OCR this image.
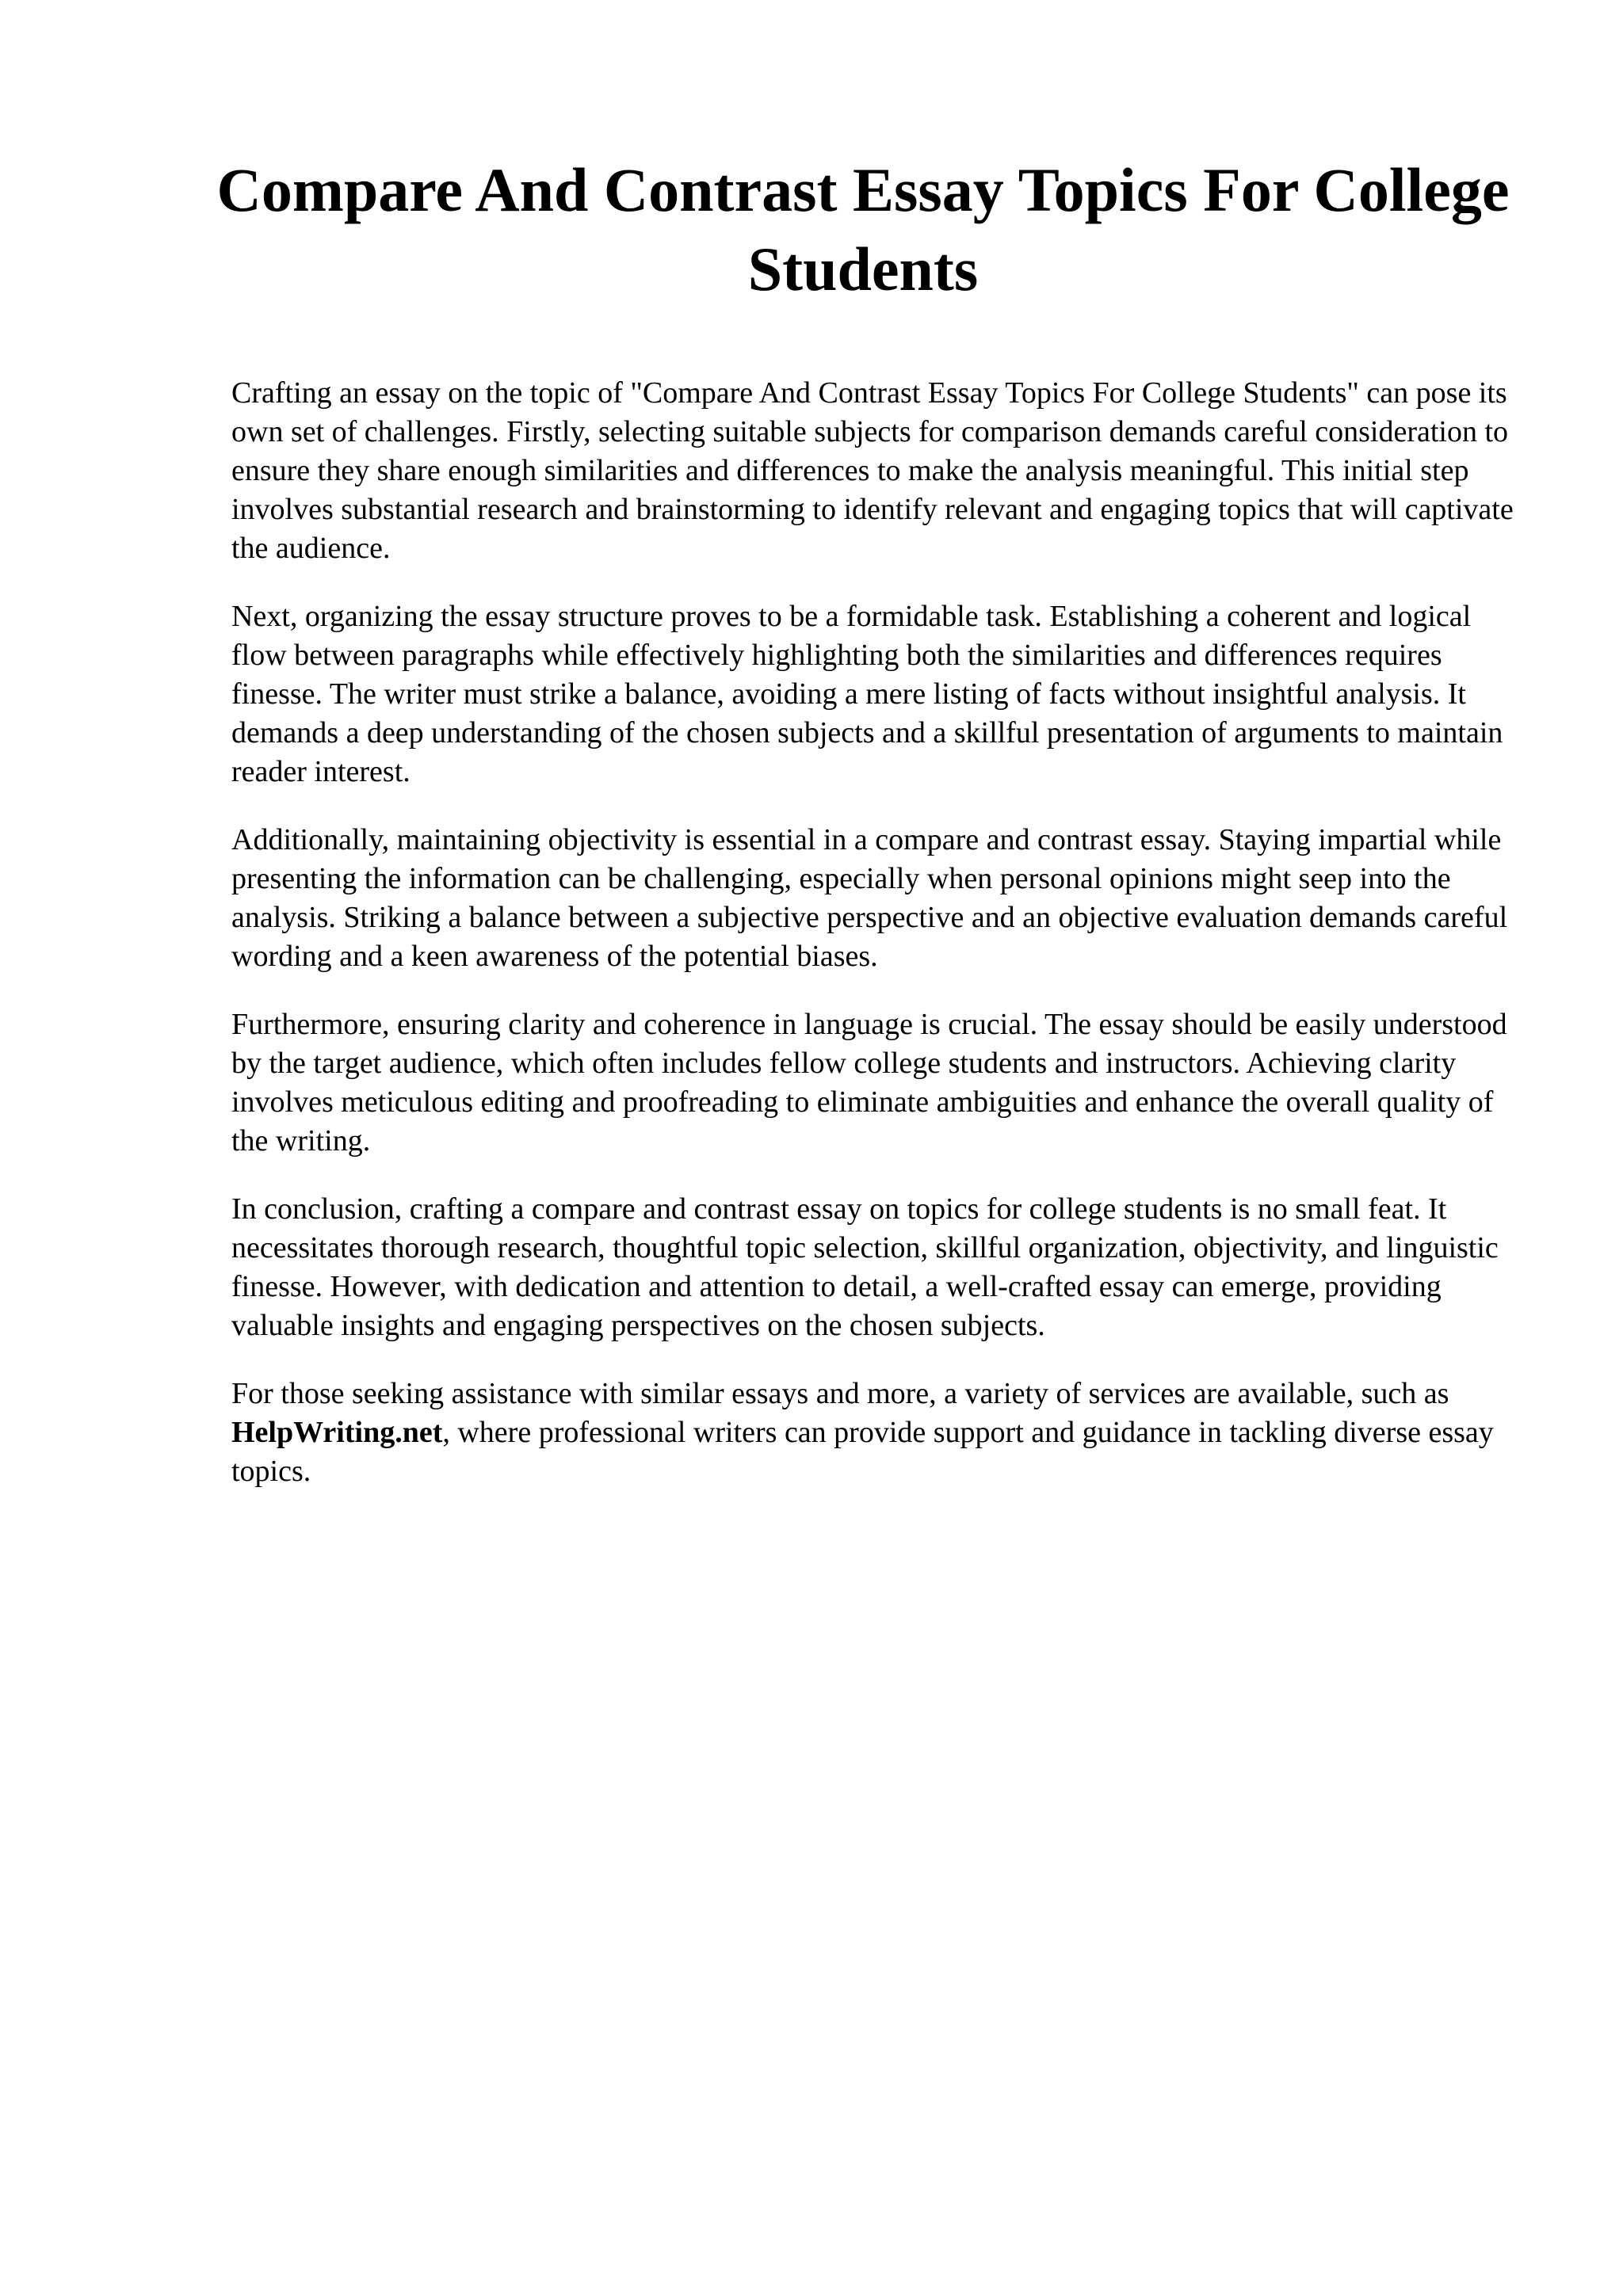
Compare And Contrast Essay Topics For College Students

Crafting an essay on the topic of "Compare And Contrast Essay Topics For College Students" can pose its own set of challenges. Firstly, selecting suitable subjects for comparison demands careful consideration to ensure they share enough similarities and differences to make the analysis meaningful. This initial step involves substantial research and brainstorming to identify relevant and engaging topics that will captivate the audience.

Next, organizing the essay structure proves to be a formidable task. Establishing a coherent and logical flow between paragraphs while effectively highlighting both the similarities and differences requires finesse. The writer must strike a balance, avoiding a mere listing of facts without insightful analysis. It demands a deep understanding of the chosen subjects and a skillful presentation of arguments to maintain reader interest.

Additionally, maintaining objectivity is essential in a compare and contrast essay. Staying impartial while presenting the information can be challenging, especially when personal opinions might seep into the analysis. Striking a balance between a subjective perspective and an objective evaluation demands careful wording and a keen awareness of the potential biases.

Furthermore, ensuring clarity and coherence in language is crucial. The essay should be easily understood by the target audience, which often includes fellow college students and instructors. Achieving clarity involves meticulous editing and proofreading to eliminate ambiguities and enhance the overall quality of the writing.

In conclusion, crafting a compare and contrast essay on topics for college students is no small feat. It necessitates thorough research, thoughtful topic selection, skillful organization, objectivity, and linguistic finesse. However, with dedication and attention to detail, a well-crafted essay can emerge, providing valuable insights and engaging perspectives on the chosen subjects.

For those seeking assistance with similar essays and more, a variety of services are available, such as HelpWriting.net, where professional writers can provide support and guidance in tackling diverse essay topics.
